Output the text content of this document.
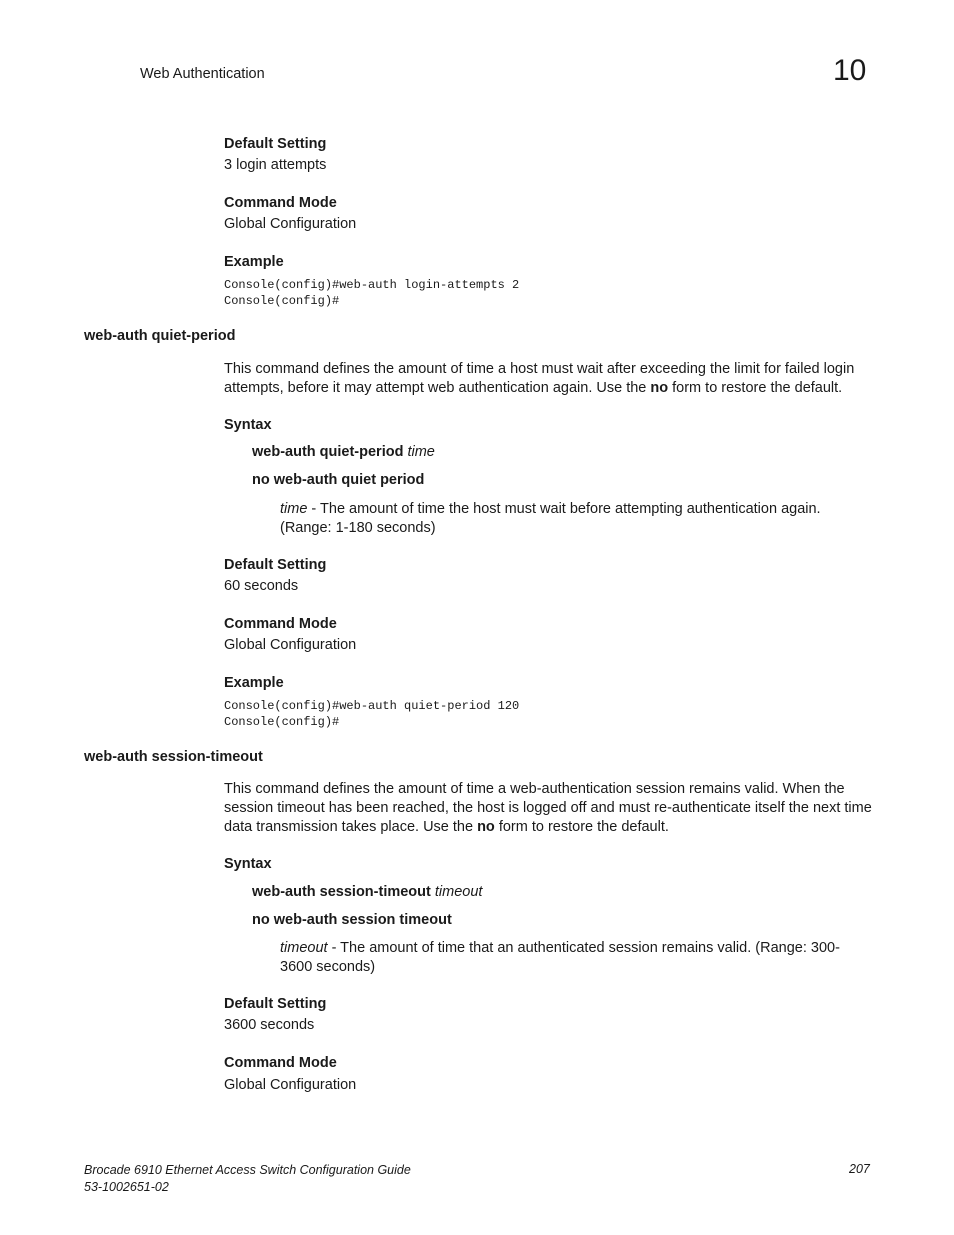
Web Authentication	10
Default Setting
3 login attempts
Command Mode
Global Configuration
Example
Console(config)#web-auth login-attempts 2
Console(config)#
web-auth quiet-period
This command defines the amount of time a host must wait after exceeding the limit for failed login attempts, before it may attempt web authentication again. Use the no form to restore the default.
Syntax
web-auth quiet-period time
no web-auth quiet period
time - The amount of time the host must wait before attempting authentication again. (Range: 1-180 seconds)
Default Setting
60 seconds
Command Mode
Global Configuration
Example
Console(config)#web-auth quiet-period 120
Console(config)#
web-auth session-timeout
This command defines the amount of time a web-authentication session remains valid. When the session timeout has been reached, the host is logged off and must re-authenticate itself the next time data transmission takes place. Use the no form to restore the default.
Syntax
web-auth session-timeout timeout
no web-auth session timeout
timeout - The amount of time that an authenticated session remains valid. (Range: 300-3600 seconds)
Default Setting
3600 seconds
Command Mode
Global Configuration
Brocade 6910 Ethernet Access Switch Configuration Guide
53-1002651-02
207
